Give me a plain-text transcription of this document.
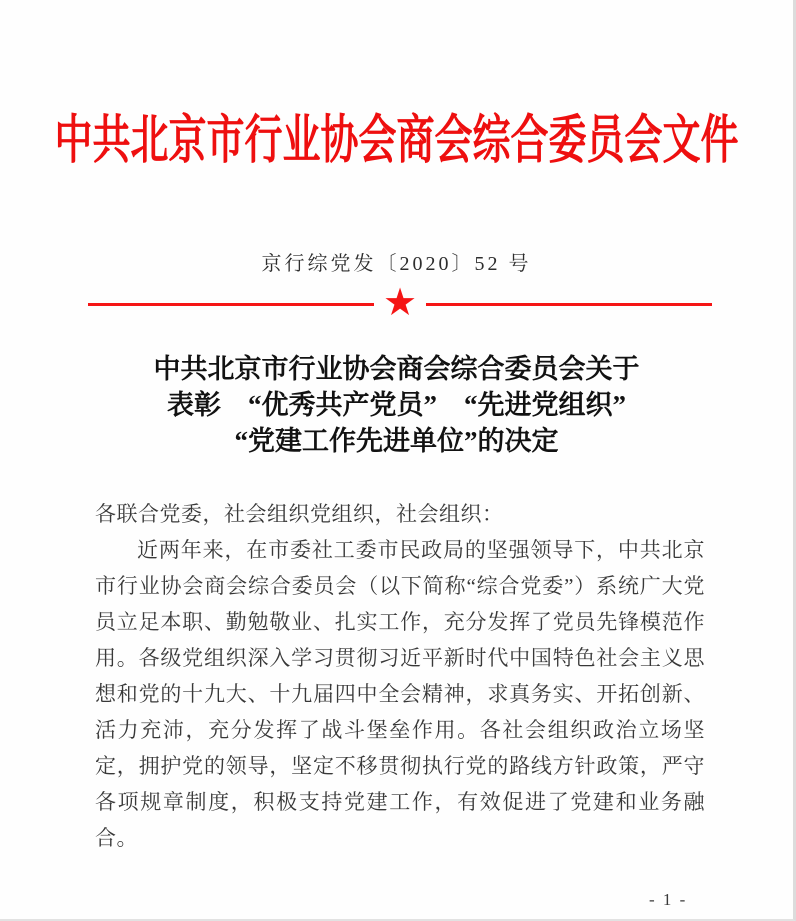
中共北京市行业协会商会综合委员会文件
京行综党发〔2020〕52 号
★
中共北京市行业协会商会综合委员会关于
表彰　“优秀共产党员”　“先进党组织”
“党建工作先进单位”的决定

各联合党委，社会组织党组织，社会组织：

近两年来，在市委社工委市民政局的坚强领导下，中共北京市行业协会商会综合委员会（以下简称“综合党委”）系统广大党员立足本职、勤勉敬业、扎实工作，充分发挥了党员先锋模范作用。各级党组织深入学习贯彻习近平新时代中国特色社会主义思想和党的十九大、十九届四中全会精神，求真务实、开拓创新、活力充沛，充分发挥了战斗堡垒作用。各社会组织政治立场坚定，拥护党的领导，坚定不移贯彻执行党的路线方针政策，严守各项规章制度，积极支持党建工作，有效促进了党建和业务融合。

- 1 -
